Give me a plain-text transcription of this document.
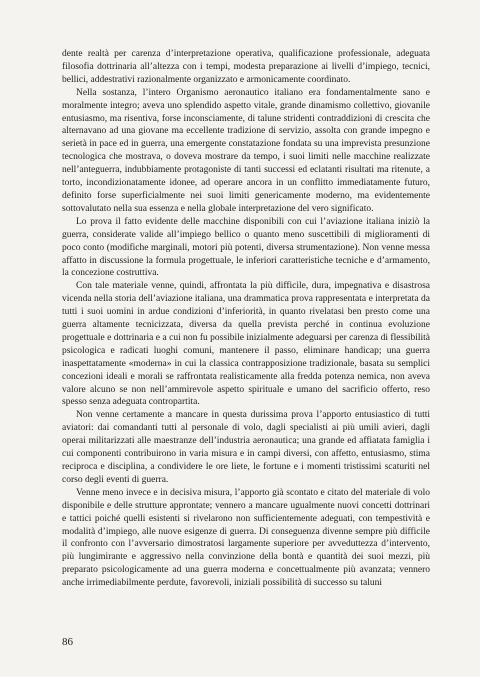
dente realtà per carenza d’interpretazione operativa, qualificazione professionale, adeguata filosofia dottrinaria all’altezza con i tempi, modesta preparazione ai livelli d’impiego, tecnici, bellici, addestrativi razionalmente organizzato e armonicamente coordinato.

Nella sostanza, l’intero Organismo aeronautico italiano era fondamentalmente sano e moralmente integro; aveva uno splendido aspetto vitale, grande dinamismo collettivo, giovanile entusiasmo, ma risentiva, forse inconsciamente, di talune stridenti contraddizioni di crescita che alternavano ad una giovane ma eccellente tradizione di servizio, assolta con grande impegno e serietà in pace ed in guerra, una emergente constatazione fondata su una imprevista presunzione tecnologica che mostrava, o doveva mostrare da tempo, i suoi limiti nelle macchine realizzate nell’anteguerra, indubbiamente protagoniste di tanti successi ed eclatanti risultati ma ritenute, a torto, incondizionatamente idonee, ad operare ancora in un conflitto immediatamente futuro, definito forse superficialmente nei suoi limiti genericamente moderno, ma evidentemente sottovalutato nella sua essenza e nella globale interpretazione del vero significato.

Lo prova il fatto evidente delle macchine disponibili con cui l’aviazione italiana iniziò la guerra, considerate valide all’impiego bellico o quanto meno suscettibili di miglioramenti di poco conto (modifiche marginali, motori più potenti, diversa strumentazione). Non venne messa affatto in discussione la formula progettuale, le inferiori caratteristiche tecniche e d’armamento, la concezione costruttiva.

Con tale materiale venne, quindi, affrontata la più difficile, dura, impegnativa e disastrosa vicenda nella storia dell’aviazione italiana, una drammatica prova rappresentata e interpretata da tutti i suoi uomini in ardue condizioni d’inferiorità, in quanto rivelatasi ben presto come una guerra altamente tecnicizzata, diversa da quella prevista perché in continua evoluzione progettuale e dottrinaria e a cui non fu possibile inizialmente adeguarsi per carenza di flessibilità psicologica e radicati luoghi comuni, mantenere il passo, eliminare handicap; una guerra inaspettatamente «moderna» in cui la classica contrapposizione tradizionale, basata su semplici concezioni ideali e morali se raffrontata realisticamente alla fredda potenza nemica, non aveva valore alcuno se non nell’ammirevole aspetto spirituale e umano del sacrificio offerto, reso spesso senza adeguata contropartita.

Non venne certamente a mancare in questa durissima prova l’apporto entusiastico di tutti aviatori: dai comandanti tutti al personale di volo, dagli specialisti ai più umili avieri, dagli operai militarizzati alle maestranze dell’industria aeronautica; una grande ed affiatata famiglia i cui componenti contribuirono in varia misura e in campi diversi, con affetto, entusiasmo, stima reciproca e disciplina, a condividere le ore liete, le fortune e i momenti tristissimi scaturiti nel corso degli eventi di guerra.

Venne meno invece e in decisiva misura, l’apporto già scontato e citato del materiale di volo disponibile e delle strutture approntate; vennero a mancare ugualmente nuovi concetti dottrinari e tattici poiché quelli esistenti si rivelarono non sufficientemente adeguati, con tempestività e modalità d’impiego, alle nuove esigenze di guerra. Di conseguenza divenne sempre più difficile il confronto con l’avversario dimostratosi largamente superiore per avveduttezza d’intervento, più lungimirante e aggressivo nella convinzione della bontà e quantità dei suoi mezzi, più preparato psicologicamente ad una guerra moderna e concettualmente più avanzata; vennero anche irrimediabilmente perdute, favorevoli, iniziali possibilità di successo su taluni

86
